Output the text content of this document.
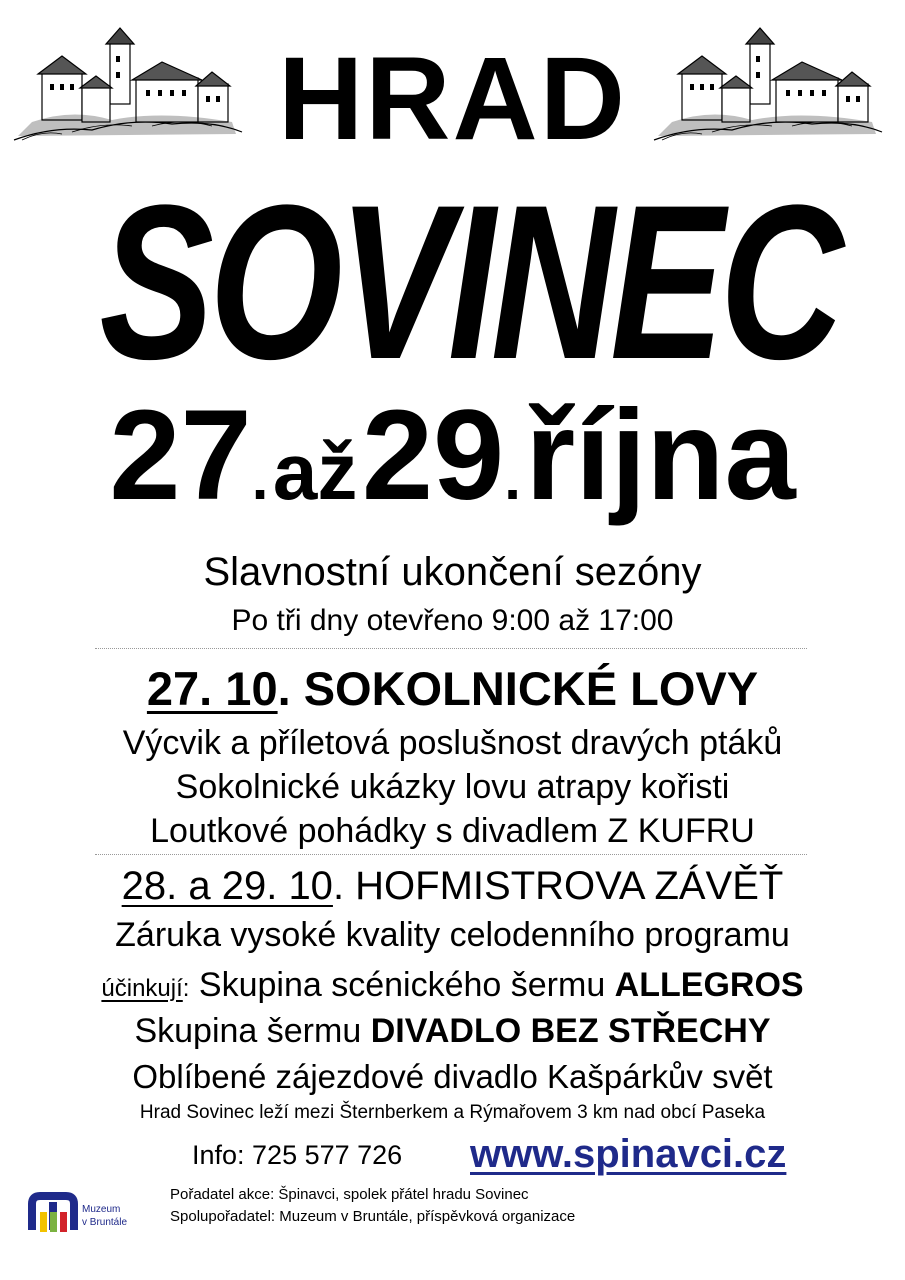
HRAD
SOVINEC
27. až 29. října
Slavnostní ukončení sezóny
Po tři dny otevřeno 9:00 až 17:00
27. 10. SOKOLNICKÉ LOVY
Výcvik a příletová poslušnost dravých ptáků
Sokolnické ukázky lovu atrapy kořisti
Loutkové pohádky s divadlem Z KUFRU
28. a 29. 10. HOFMISTROVA ZÁVĚŤ
Záruka vysoké kvality celodenního programu
účinkují: Skupina scénického šermu ALLEGROS
Skupina šermu DIVADLO BEZ STŘECHY
Oblíbené zájezdové divadlo Kašpárkův svět
Hrad Sovinec leží mezi Šternberkem a Rýmařovem 3 km nad obcí Paseka
Info: 725 577 726 www.spinavci.cz
Muzeum
v Bruntále
Pořadatel akce: Špinavci, spolek přátel hradu Sovinec
Spolupořadatel: Muzeum v Bruntále, příspěvková organizace
